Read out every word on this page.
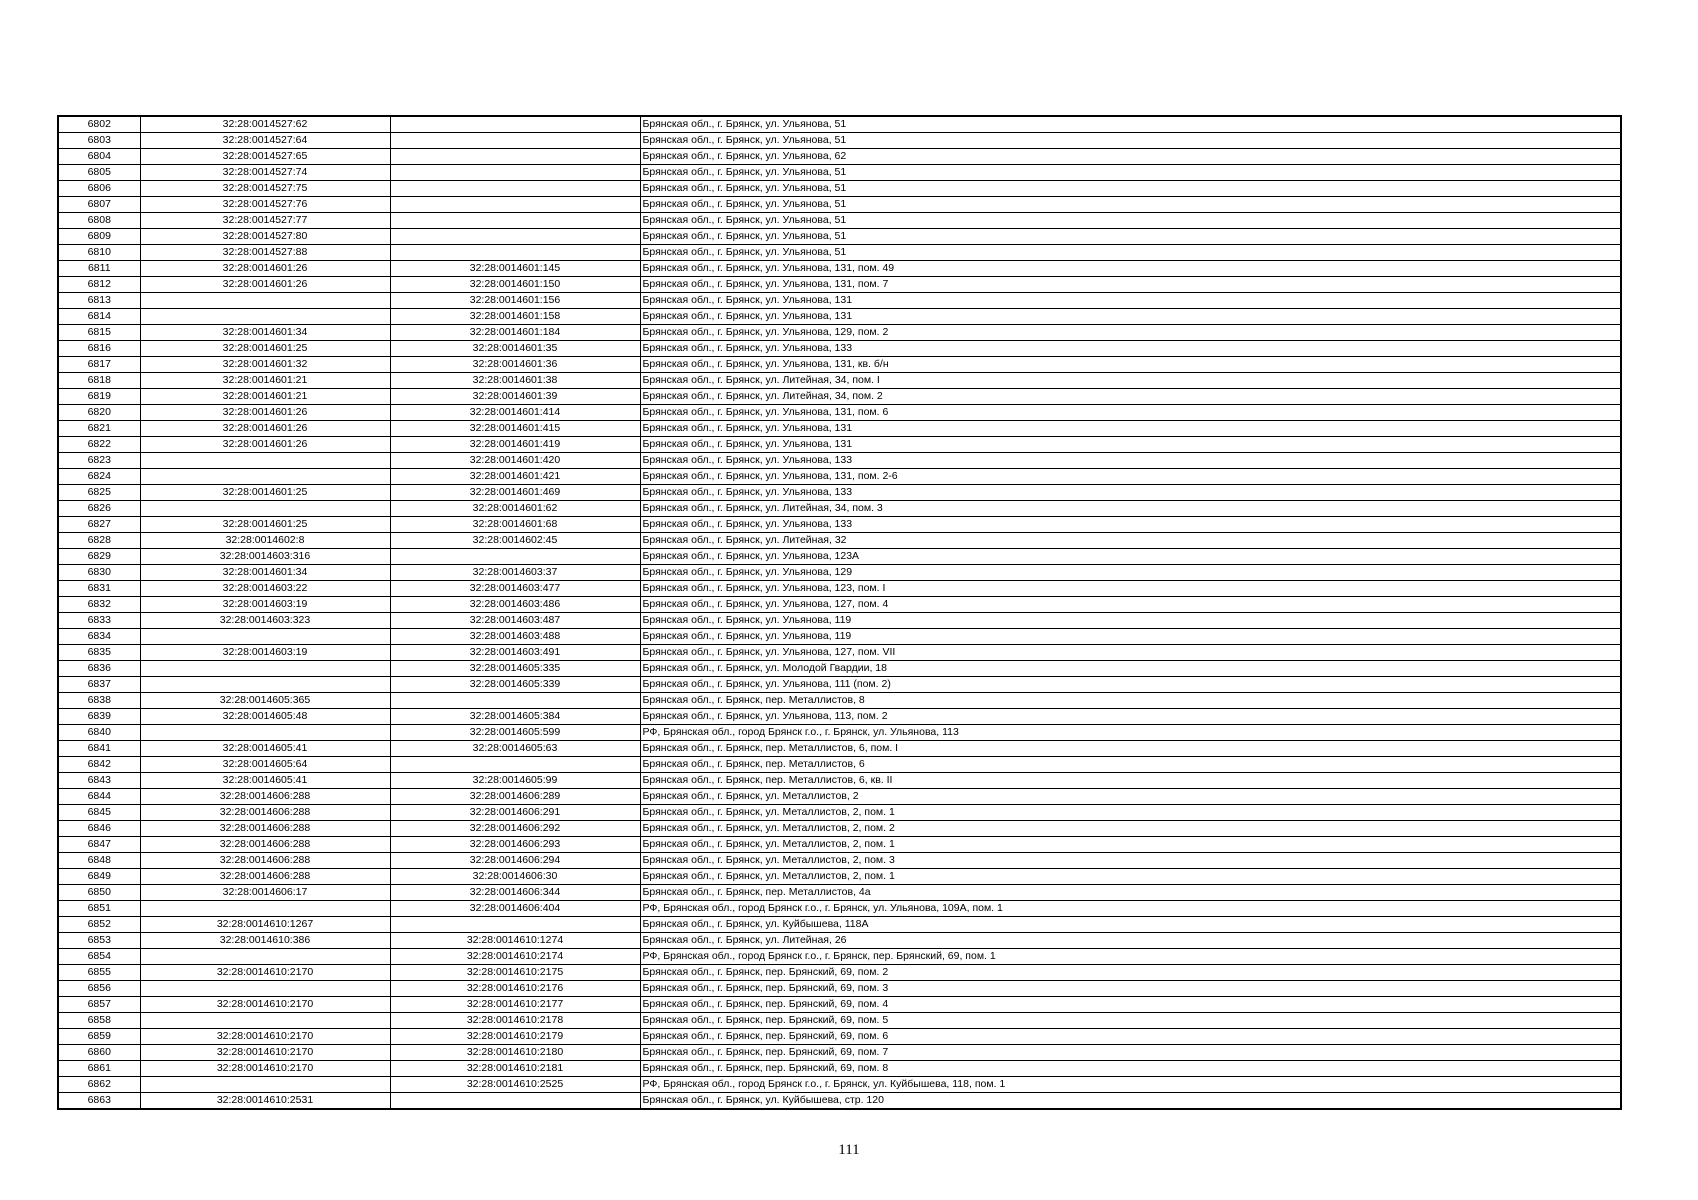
6802	32:28:0014527:62		Брянская обл., г. Брянск, ул. Ульянова, 51
6803	32:28:0014527:64		Брянская обл., г. Брянск, ул. Ульянова, 51
6804	32:28:0014527:65		Брянская обл., г. Брянск, ул. Ульянова, 62
6805	32:28:0014527:74		Брянская обл., г. Брянск, ул. Ульянова, 51
6806	32:28:0014527:75		Брянская обл., г. Брянск, ул. Ульянова, 51
6807	32:28:0014527:76		Брянская обл., г. Брянск, ул. Ульянова, 51
6808	32:28:0014527:77		Брянская обл., г. Брянск, ул. Ульянова, 51
6809	32:28:0014527:80		Брянская обл., г. Брянск, ул. Ульянова, 51
6810	32:28:0014527:88		Брянская обл., г. Брянск, ул. Ульянова, 51
6811	32:28:0014601:26	32:28:0014601:145	Брянская обл., г. Брянск, ул. Ульянова, 131, пом. 49
6812	32:28:0014601:26	32:28:0014601:150	Брянская обл., г. Брянск, ул. Ульянова, 131, пом. 7
6813		32:28:0014601:156	Брянская обл., г. Брянск, ул. Ульянова, 131
6814		32:28:0014601:158	Брянская обл., г. Брянск, ул. Ульянова, 131
6815	32:28:0014601:34	32:28:0014601:184	Брянская обл., г. Брянск, ул. Ульянова, 129, пом. 2
6816	32:28:0014601:25	32:28:0014601:35	Брянская обл., г. Брянск, ул. Ульянова, 133
6817	32:28:0014601:32	32:28:0014601:36	Брянская обл., г. Брянск, ул. Ульянова, 131, кв. б/н
6818	32:28:0014601:21	32:28:0014601:38	Брянская обл., г. Брянск, ул. Литейная, 34, пом. I
6819	32:28:0014601:21	32:28:0014601:39	Брянская обл., г. Брянск, ул. Литейная, 34, пом. 2
6820	32:28:0014601:26	32:28:0014601:414	Брянская обл., г. Брянск, ул. Ульянова, 131, пом. 6
6821	32:28:0014601:26	32:28:0014601:415	Брянская обл., г. Брянск, ул. Ульянова, 131
6822	32:28:0014601:26	32:28:0014601:419	Брянская обл., г. Брянск, ул. Ульянова, 131
6823		32:28:0014601:420	Брянская обл., г. Брянск, ул. Ульянова, 133
6824		32:28:0014601:421	Брянская обл., г. Брянск, ул. Ульянова, 131, пом. 2-6
6825	32:28:0014601:25	32:28:0014601:469	Брянская обл., г. Брянск, ул. Ульянова, 133
6826		32:28:0014601:62	Брянская обл., г. Брянск, ул. Литейная, 34, пом. 3
6827	32:28:0014601:25	32:28:0014601:68	Брянская обл., г. Брянск, ул. Ульянова, 133
6828	32:28:0014602:8	32:28:0014602:45	Брянская обл., г. Брянск, ул. Литейная, 32
6829	32:28:0014603:316		Брянская обл., г. Брянск, ул. Ульянова, 123А
6830	32:28:0014601:34	32:28:0014603:37	Брянская обл., г. Брянск, ул. Ульянова, 129
6831	32:28:0014603:22	32:28:0014603:477	Брянская обл., г. Брянск, ул. Ульянова, 123, пом. I
6832	32:28:0014603:19	32:28:0014603:486	Брянская обл., г. Брянск, ул. Ульянова, 127, пом. 4
6833	32:28:0014603:323	32:28:0014603:487	Брянская обл., г. Брянск, ул. Ульянова, 119
6834		32:28:0014603:488	Брянская обл., г. Брянск, ул. Ульянова, 119
6835	32:28:0014603:19	32:28:0014603:491	Брянская обл., г. Брянск, ул. Ульянова, 127, пом. VII
6836		32:28:0014605:335	Брянская обл., г. Брянск, ул. Молодой Гвардии, 18
6837		32:28:0014605:339	Брянская обл., г. Брянск, ул. Ульянова, 111 (пом. 2)
6838	32:28:0014605:365		Брянская обл., г. Брянск, пер. Металлистов, 8
6839	32:28:0014605:48	32:28:0014605:384	Брянская обл., г. Брянск, ул. Ульянова, 113, пом. 2
6840		32:28:0014605:599	РФ, Брянская обл., город Брянск г.о., г. Брянск, ул. Ульянова, 113
6841	32:28:0014605:41	32:28:0014605:63	Брянская обл., г. Брянск, пер. Металлистов, 6, пом. I
6842	32:28:0014605:64		Брянская обл., г. Брянск, пер. Металлистов, 6
6843	32:28:0014605:41	32:28:0014605:99	Брянская обл., г. Брянск, пер. Металлистов, 6, кв. II
6844	32:28:0014606:288	32:28:0014606:289	Брянская обл., г. Брянск, ул. Металлистов, 2
6845	32:28:0014606:288	32:28:0014606:291	Брянская обл., г. Брянск, ул. Металлистов, 2, пом. 1
6846	32:28:0014606:288	32:28:0014606:292	Брянская обл., г. Брянск, ул. Металлистов, 2, пом. 2
6847	32:28:0014606:288	32:28:0014606:293	Брянская обл., г. Брянск, ул. Металлистов, 2, пом. 1
6848	32:28:0014606:288	32:28:0014606:294	Брянская обл., г. Брянск, ул. Металлистов, 2, пом. 3
6849	32:28:0014606:288	32:28:0014606:30	Брянская обл., г. Брянск, ул. Металлистов, 2, пом. 1
6850	32:28:0014606:17	32:28:0014606:344	Брянская обл., г. Брянск, пер. Металлистов, 4а
6851		32:28:0014606:404	РФ, Брянская обл., город Брянск г.о., г. Брянск, ул. Ульянова, 109А, пом. 1
6852	32:28:0014610:1267		Брянская обл., г. Брянск, ул. Куйбышева, 118А
6853	32:28:0014610:386	32:28:0014610:1274	Брянская обл., г. Брянск, ул. Литейная, 26
6854		32:28:0014610:2174	РФ, Брянская обл., город Брянск г.о., г. Брянск, пер. Брянский, 69, пом. 1
6855	32:28:0014610:2170	32:28:0014610:2175	Брянская обл., г. Брянск, пер. Брянский, 69, пом. 2
6856		32:28:0014610:2176	Брянская обл., г. Брянск, пер. Брянский, 69, пом. 3
6857	32:28:0014610:2170	32:28:0014610:2177	Брянская обл., г. Брянск, пер. Брянский, 69, пом. 4
6858		32:28:0014610:2178	Брянская обл., г. Брянск, пер. Брянский, 69, пом. 5
6859	32:28:0014610:2170	32:28:0014610:2179	Брянская обл., г. Брянск, пер. Брянский, 69, пом. 6
6860	32:28:0014610:2170	32:28:0014610:2180	Брянская обл., г. Брянск, пер. Брянский, 69, пом. 7
6861	32:28:0014610:2170	32:28:0014610:2181	Брянская обл., г. Брянск, пер. Брянский, 69, пом. 8
6862		32:28:0014610:2525	РФ, Брянская обл., город Брянск г.о., г. Брянск, ул. Куйбышева, 118, пом. 1
6863	32:28:0014610:2531		Брянская обл., г. Брянск, ул. Куйбышева, стр. 120
111
